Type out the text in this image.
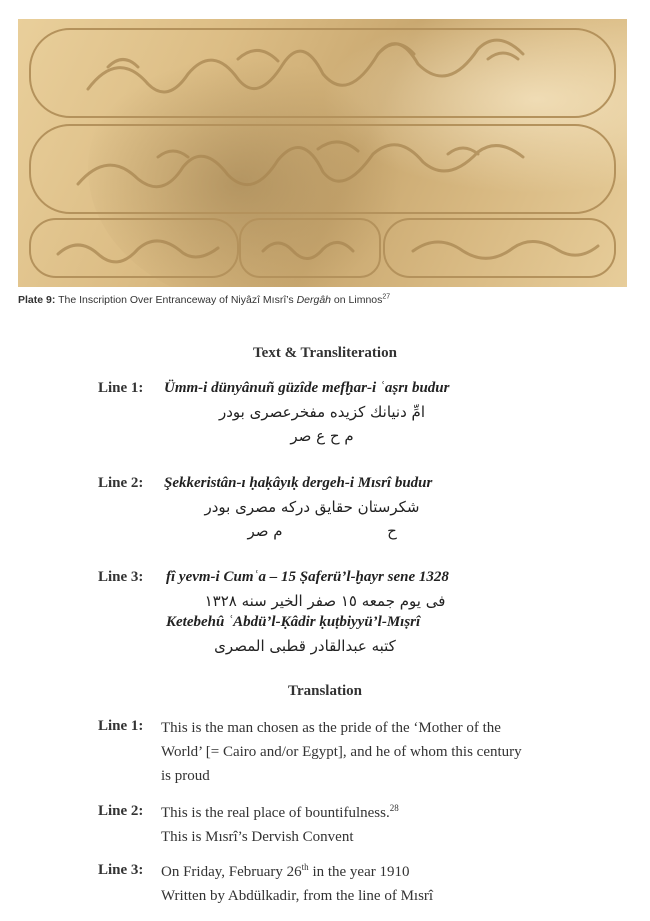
Plate 9: The Inscription Over Entranceway of Niyâzî Mısrî’s Dergâh on Limnos$^{27}$
Text & Transliteration
Line 1: Ümm-i dünyânuñ güzîde mefḫar-i ʿaṣrı budur
امِّ دنیانك كزیده مفخرعصرى بودر
م ح ع صر
Line 2: Şekkeristân-ı ḥaḳâyıḳ dergeh-i Mısrî budur
شكرستان حقایق دركه مصرى بودر
ح
م صر
Line 3: fî yevm-i Cumʿa – 15 Ṣaferü’l-ḫayr sene 1328
فى يوم جمعه ١٥ صفر الخير سنه ١٣٢٨
Ketebehû ʿAbdü’l-Ḳâdir ḳuṭbiyyü’l-Mıṣrî
كتبه عبدالقادر قطبى المصرى
Translation
Line 1: This is the man chosen as the pride of the ‘Mother of the World’ [= Cairo and/or Egypt], and he of whom this century is proud
Line 2: This is the real place of bountifulness.$^{28}$
This is Mısrî’s Dervish Convent
Line 3: On Friday, February 26th in the year 1910
Written by Abdülkadir, from the line of Mısrî
